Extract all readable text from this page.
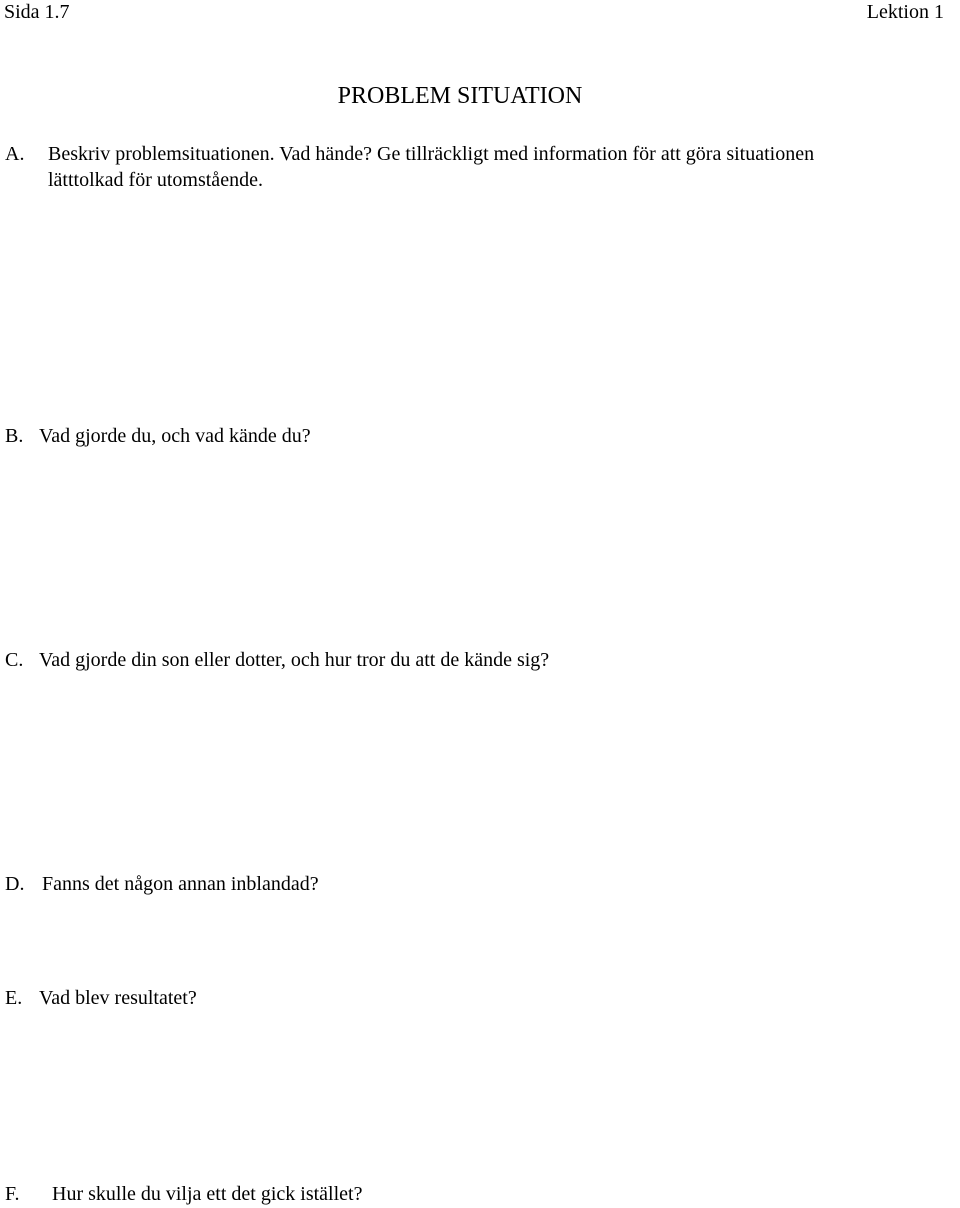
Sida 1.7	Lektion 1
PROBLEM SITUATION
A. Beskriv problemsituationen. Vad hände? Ge tillräckligt med information för att göra situationen
lätttolkad för utomstående.
B. Vad gjorde du, och vad kände du?
C. Vad gjorde din son eller dotter, och hur tror du att de kände sig?
D. Fanns det någon annan inblandad?
E. Vad blev resultatet?
F. Hur skulle du vilja ett det gick istället?
